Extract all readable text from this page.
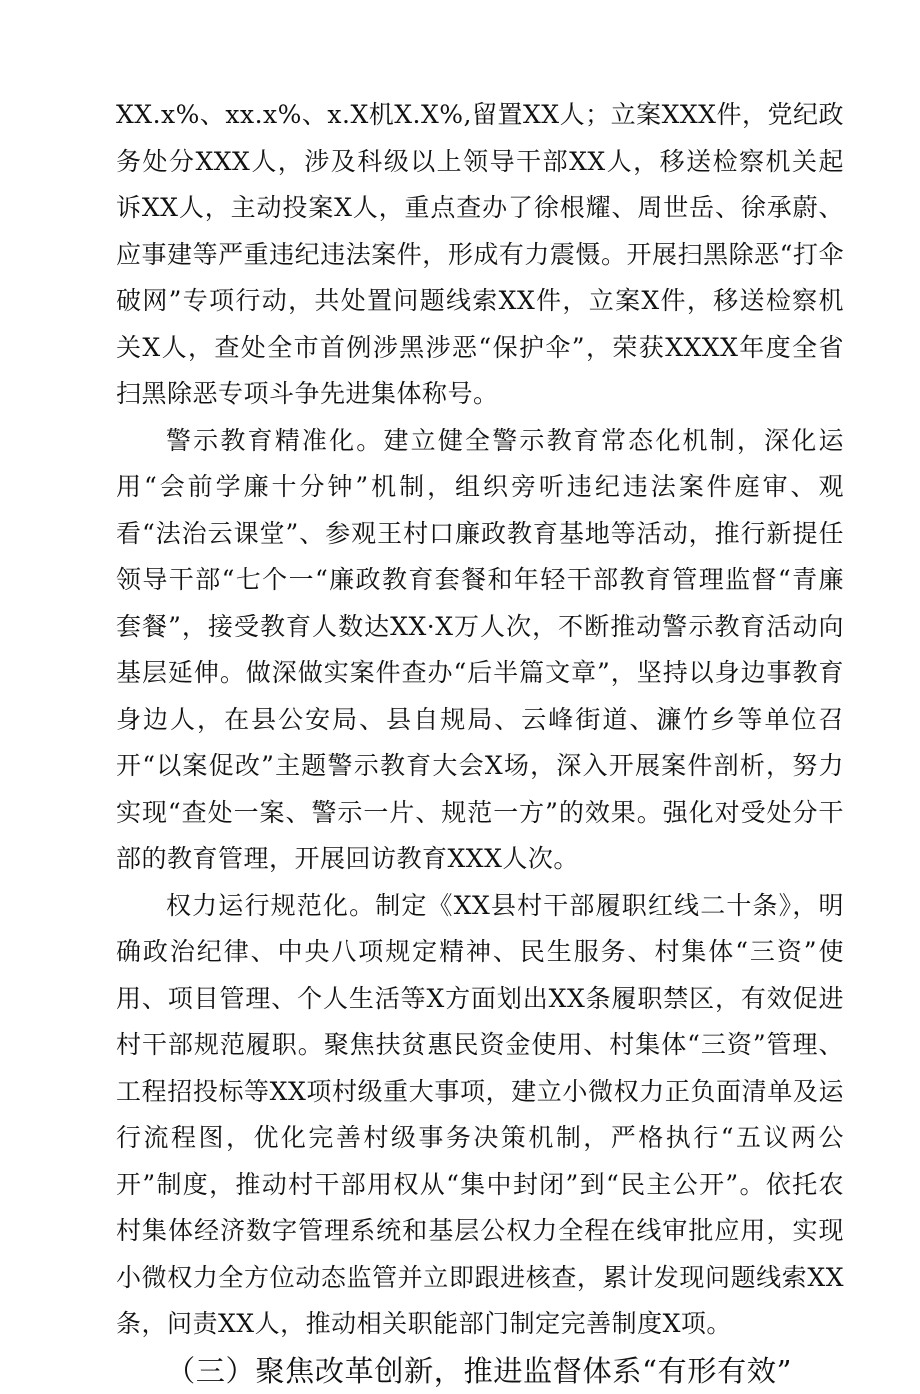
XX.x%、xx.x%、x.X机X.X%,留置XX人；立案XXX件，党纪政务处分XXX人，涉及科级以上领导干部XX人，移送检察机关起诉XX人，主动投案X人，重点查办了徐根耀、周世岳、徐承蔚、应事建等严重违纪违法案件，形成有力震慑。开展扫黑除恶“打伞破网”专项行动，共处置问题线索XX件，立案X件，移送检察机关X人，查处全市首例涉黑涉恶“保护伞”，荣获XXXX年度全省扫黑除恶专项斗争先进集体称号。

警示教育精准化。建立健全警示教育常态化机制，深化运用“会前学廉十分钟”机制，组织旁听违纪违法案件庭审、观看“法治云课堂”、参观王村口廉政教育基地等活动，推行新提任领导干部“七个一“廉政教育套餐和年轻干部教育管理监督“青廉套餐”，接受教育人数达XX·X万人次，不断推动警示教育活动向基层延伸。做深做实案件查办“后半篇文章”，坚持以身边事教育身边人，在县公安局、县自规局、云峰街道、濂竹乡等单位召开“以案促改”主题警示教育大会X场，深入开展案件剖析，努力实现“查处一案、警示一片、规范一方”的效果。强化对受处分干部的教育管理，开展回访教育XXX人次。

权力运行规范化。制定《XX县村干部履职红线二十条》，明确政治纪律、中央八项规定精神、民生服务、村集体“三资”使用、项目管理、个人生活等X方面划出XX条履职禁区，有效促进村干部规范履职。聚焦扶贫惠民资金使用、村集体“三资”管理、工程招投标等XX项村级重大事项，建立小微权力正负面清单及运行流程图，优化完善村级事务决策机制，严格执行“五议两公开”制度，推动村干部用权从“集中封闭”到“民主公开”。依托农村集体经济数字管理系统和基层公权力全程在线审批应用，实现小微权力全方位动态监管并立即跟进核查，累计发现问题线索XX条，问责XX人，推动相关职能部门制定完善制度X项。

（三）聚焦改革创新，推进监督体系“有形有效”
